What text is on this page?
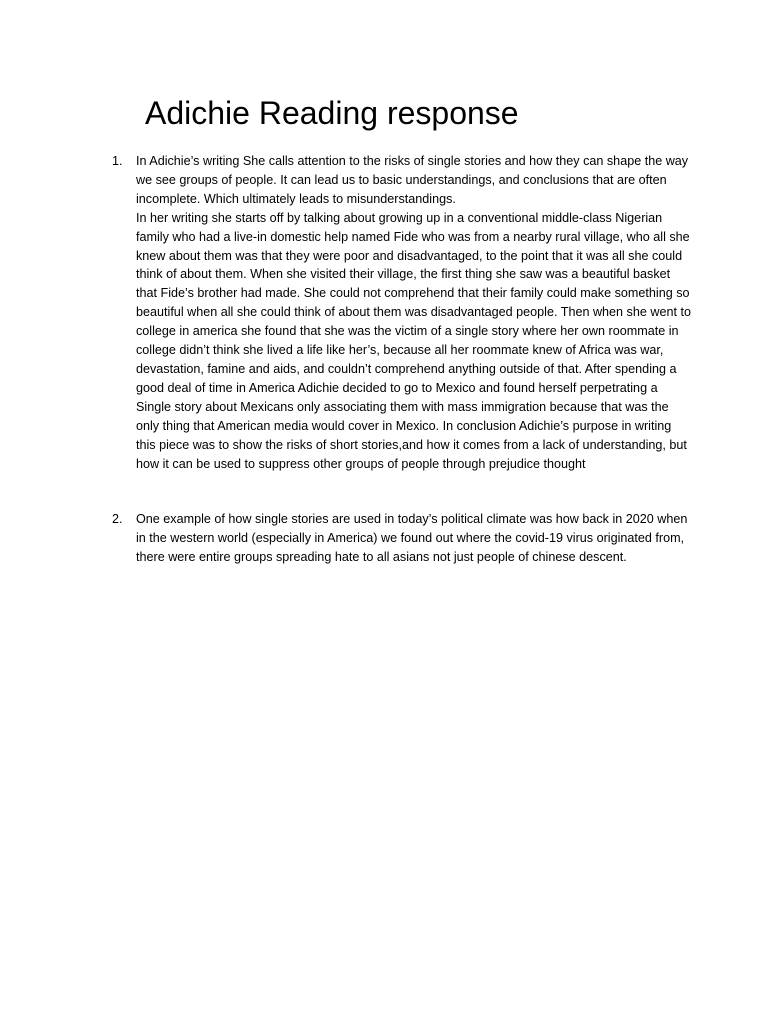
Adichie Reading response
1. In Adichie’s writing She calls attention to the risks of single stories and how they can shape the way we see groups of people. It can lead us to basic understandings, and conclusions that are often incomplete. Which ultimately leads to misunderstandings.

In her writing she starts off by talking about growing up in a conventional middle-class Nigerian family who had a live-in domestic help named Fide who was from a nearby rural village, who all she knew about them was that they were poor and disadvantaged, to the point that it was all she could think of about them. When she visited their village, the first thing she saw was a beautiful basket that Fide’s brother had made. She could not comprehend that their family could make something so beautiful when all she could think of about them was disadvantaged people. Then when she went to college in america she found that she was the victim of a single story where her own roommate in college didn’t think she lived a life like her’s, because all her roommate knew of Africa was war, devastation, famine and aids, and couldn’t comprehend anything outside of that. After spending a good deal of time in America Adichie decided to go to Mexico and found herself perpetrating a Single story about Mexicans only associating them with mass immigration because that was the only thing that American media would cover in Mexico. In conclusion Adichie’s purpose in writing this piece was to show the risks of short stories,and how it comes from a lack of understanding, but how it can be used to suppress other groups of people through prejudice thought

2. One example of how single stories are used in today’s political climate was how back in 2020 when in the western world (especially in America) we found out where the covid-19 virus originated from, there were entire groups spreading hate to all asians not just people of chinese descent.
